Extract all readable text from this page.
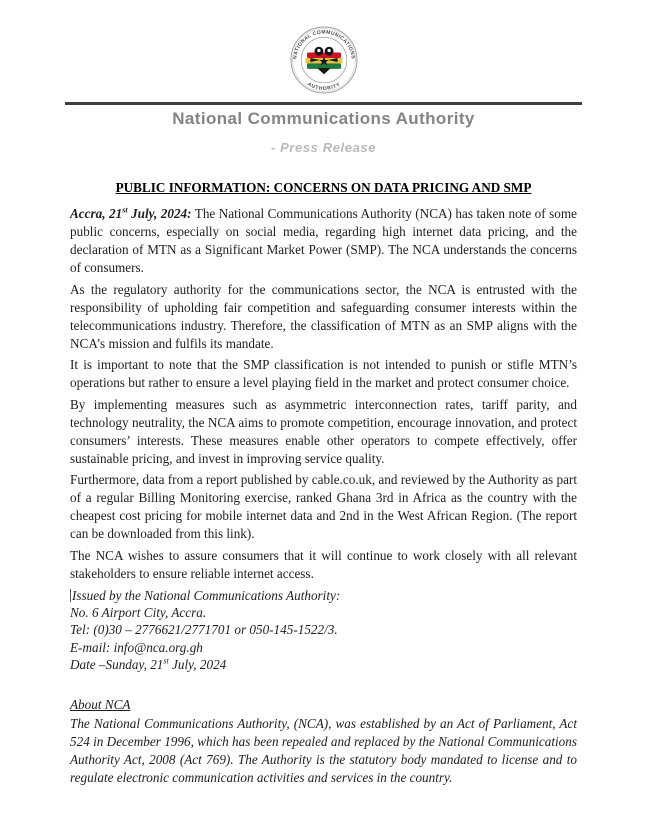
NATIONAL COMMUNICATIONS
AUTHORITY
National Communications Authority
- Press Release
PUBLIC INFORMATION: CONCERNS ON DATA PRICING AND SMP

Accra, 21st July, 2024: The National Communications Authority (NCA) has taken note of some public concerns, especially on social media, regarding high internet data pricing, and the declaration of MTN as a Significant Market Power (SMP). The NCA understands the concerns of consumers.

As the regulatory authority for the communications sector, the NCA is entrusted with the responsibility of upholding fair competition and safeguarding consumer interests within the telecommunications industry. Therefore, the classification of MTN as an SMP aligns with the NCA’s mission and fulfils its mandate.

It is important to note that the SMP classification is not intended to punish or stifle MTN’s operations but rather to ensure a level playing field in the market and protect consumer choice.

By implementing measures such as asymmetric interconnection rates, tariff parity, and technology neutrality, the NCA aims to promote competition, encourage innovation, and protect consumers’ interests. These measures enable other operators to compete effectively, offer sustainable pricing, and invest in improving service quality.

Furthermore, data from a report published by cable.co.uk, and reviewed by the Authority as part of a regular Billing Monitoring exercise, ranked Ghana 3rd in Africa as the country with the cheapest cost pricing for mobile internet data and 2nd in the West African Region. (The report can be downloaded from this link).

The NCA wishes to assure consumers that it will continue to work closely with all relevant stakeholders to ensure reliable internet access.

Issued by the National Communications Authority:
No. 6 Airport City, Accra.
Tel: (0)30 – 2776621/2771701 or 050-145-1522/3.
E-mail: info@nca.org.gh
Date –Sunday, 21st July, 2024
About NCA

The National Communications Authority, (NCA), was established by an Act of Parliament, Act 524 in December 1996, which has been repealed and replaced by the National Communications Authority Act, 2008 (Act 769). The Authority is the statutory body mandated to license and to regulate electronic communication activities and services in the country.
